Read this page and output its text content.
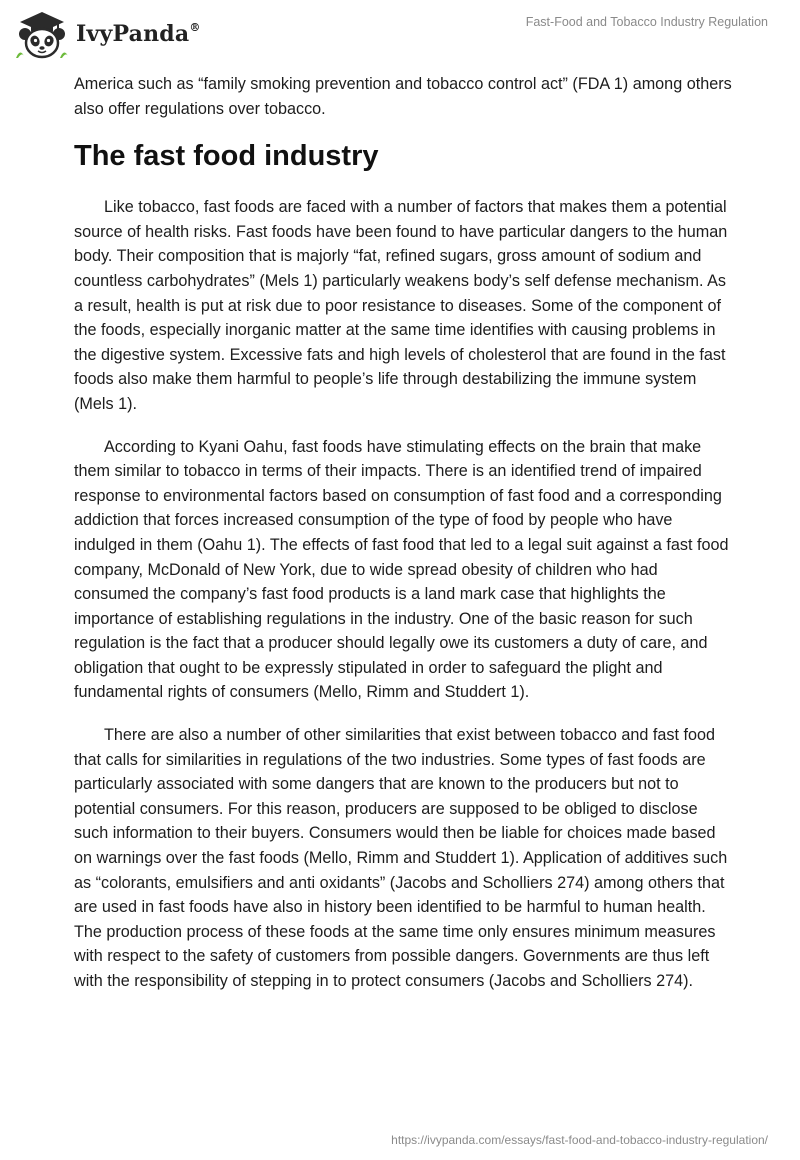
IvyPanda®	Fast-Food and Tobacco Industry Regulation

America such as “family smoking prevention and tobacco control act” (FDA 1) among others also offer regulations over tobacco.

The fast food industry

Like tobacco, fast foods are faced with a number of factors that makes them a potential source of health risks. Fast foods have been found to have particular dangers to the human body. Their composition that is majorly “fat, refined sugars, gross amount of sodium and countless carbohydrates” (Mels 1) particularly weakens body’s self defense mechanism. As a result, health is put at risk due to poor resistance to diseases. Some of the component of the foods, especially inorganic matter at the same time identifies with causing problems in the digestive system. Excessive fats and high levels of cholesterol that are found in the fast foods also make them harmful to people’s life through destabilizing the immune system (Mels 1).

According to Kyani Oahu, fast foods have stimulating effects on the brain that make them similar to tobacco in terms of their impacts. There is an identified trend of impaired response to environmental factors based on consumption of fast food and a corresponding addiction that forces increased consumption of the type of food by people who have indulged in them (Oahu 1). The effects of fast food that led to a legal suit against a fast food company, McDonald of New York, due to wide spread obesity of children who had consumed the company’s fast food products is a land mark case that highlights the importance of establishing regulations in the industry. One of the basic reason for such regulation is the fact that a producer should legally owe its customers a duty of care, and obligation that ought to be expressly stipulated in order to safeguard the plight and fundamental rights of consumers (Mello, Rimm and Studdert 1).

There are also a number of other similarities that exist between tobacco and fast food that calls for similarities in regulations of the two industries. Some types of fast foods are particularly associated with some dangers that are known to the producers but not to potential consumers. For this reason, producers are supposed to be obliged to disclose such information to their buyers. Consumers would then be liable for choices made based on warnings over the fast foods (Mello, Rimm and Studdert 1). Application of additives such as “colorants, emulsifiers and anti oxidants” (Jacobs and Scholliers 274) among others that are used in fast foods have also in history been identified to be harmful to human health. The production process of these foods at the same time only ensures minimum measures with respect to the safety of customers from possible dangers. Governments are thus left with the responsibility of stepping in to protect consumers (Jacobs and Scholliers 274).

https://ivypanda.com/essays/fast-food-and-tobacco-industry-regulation/
